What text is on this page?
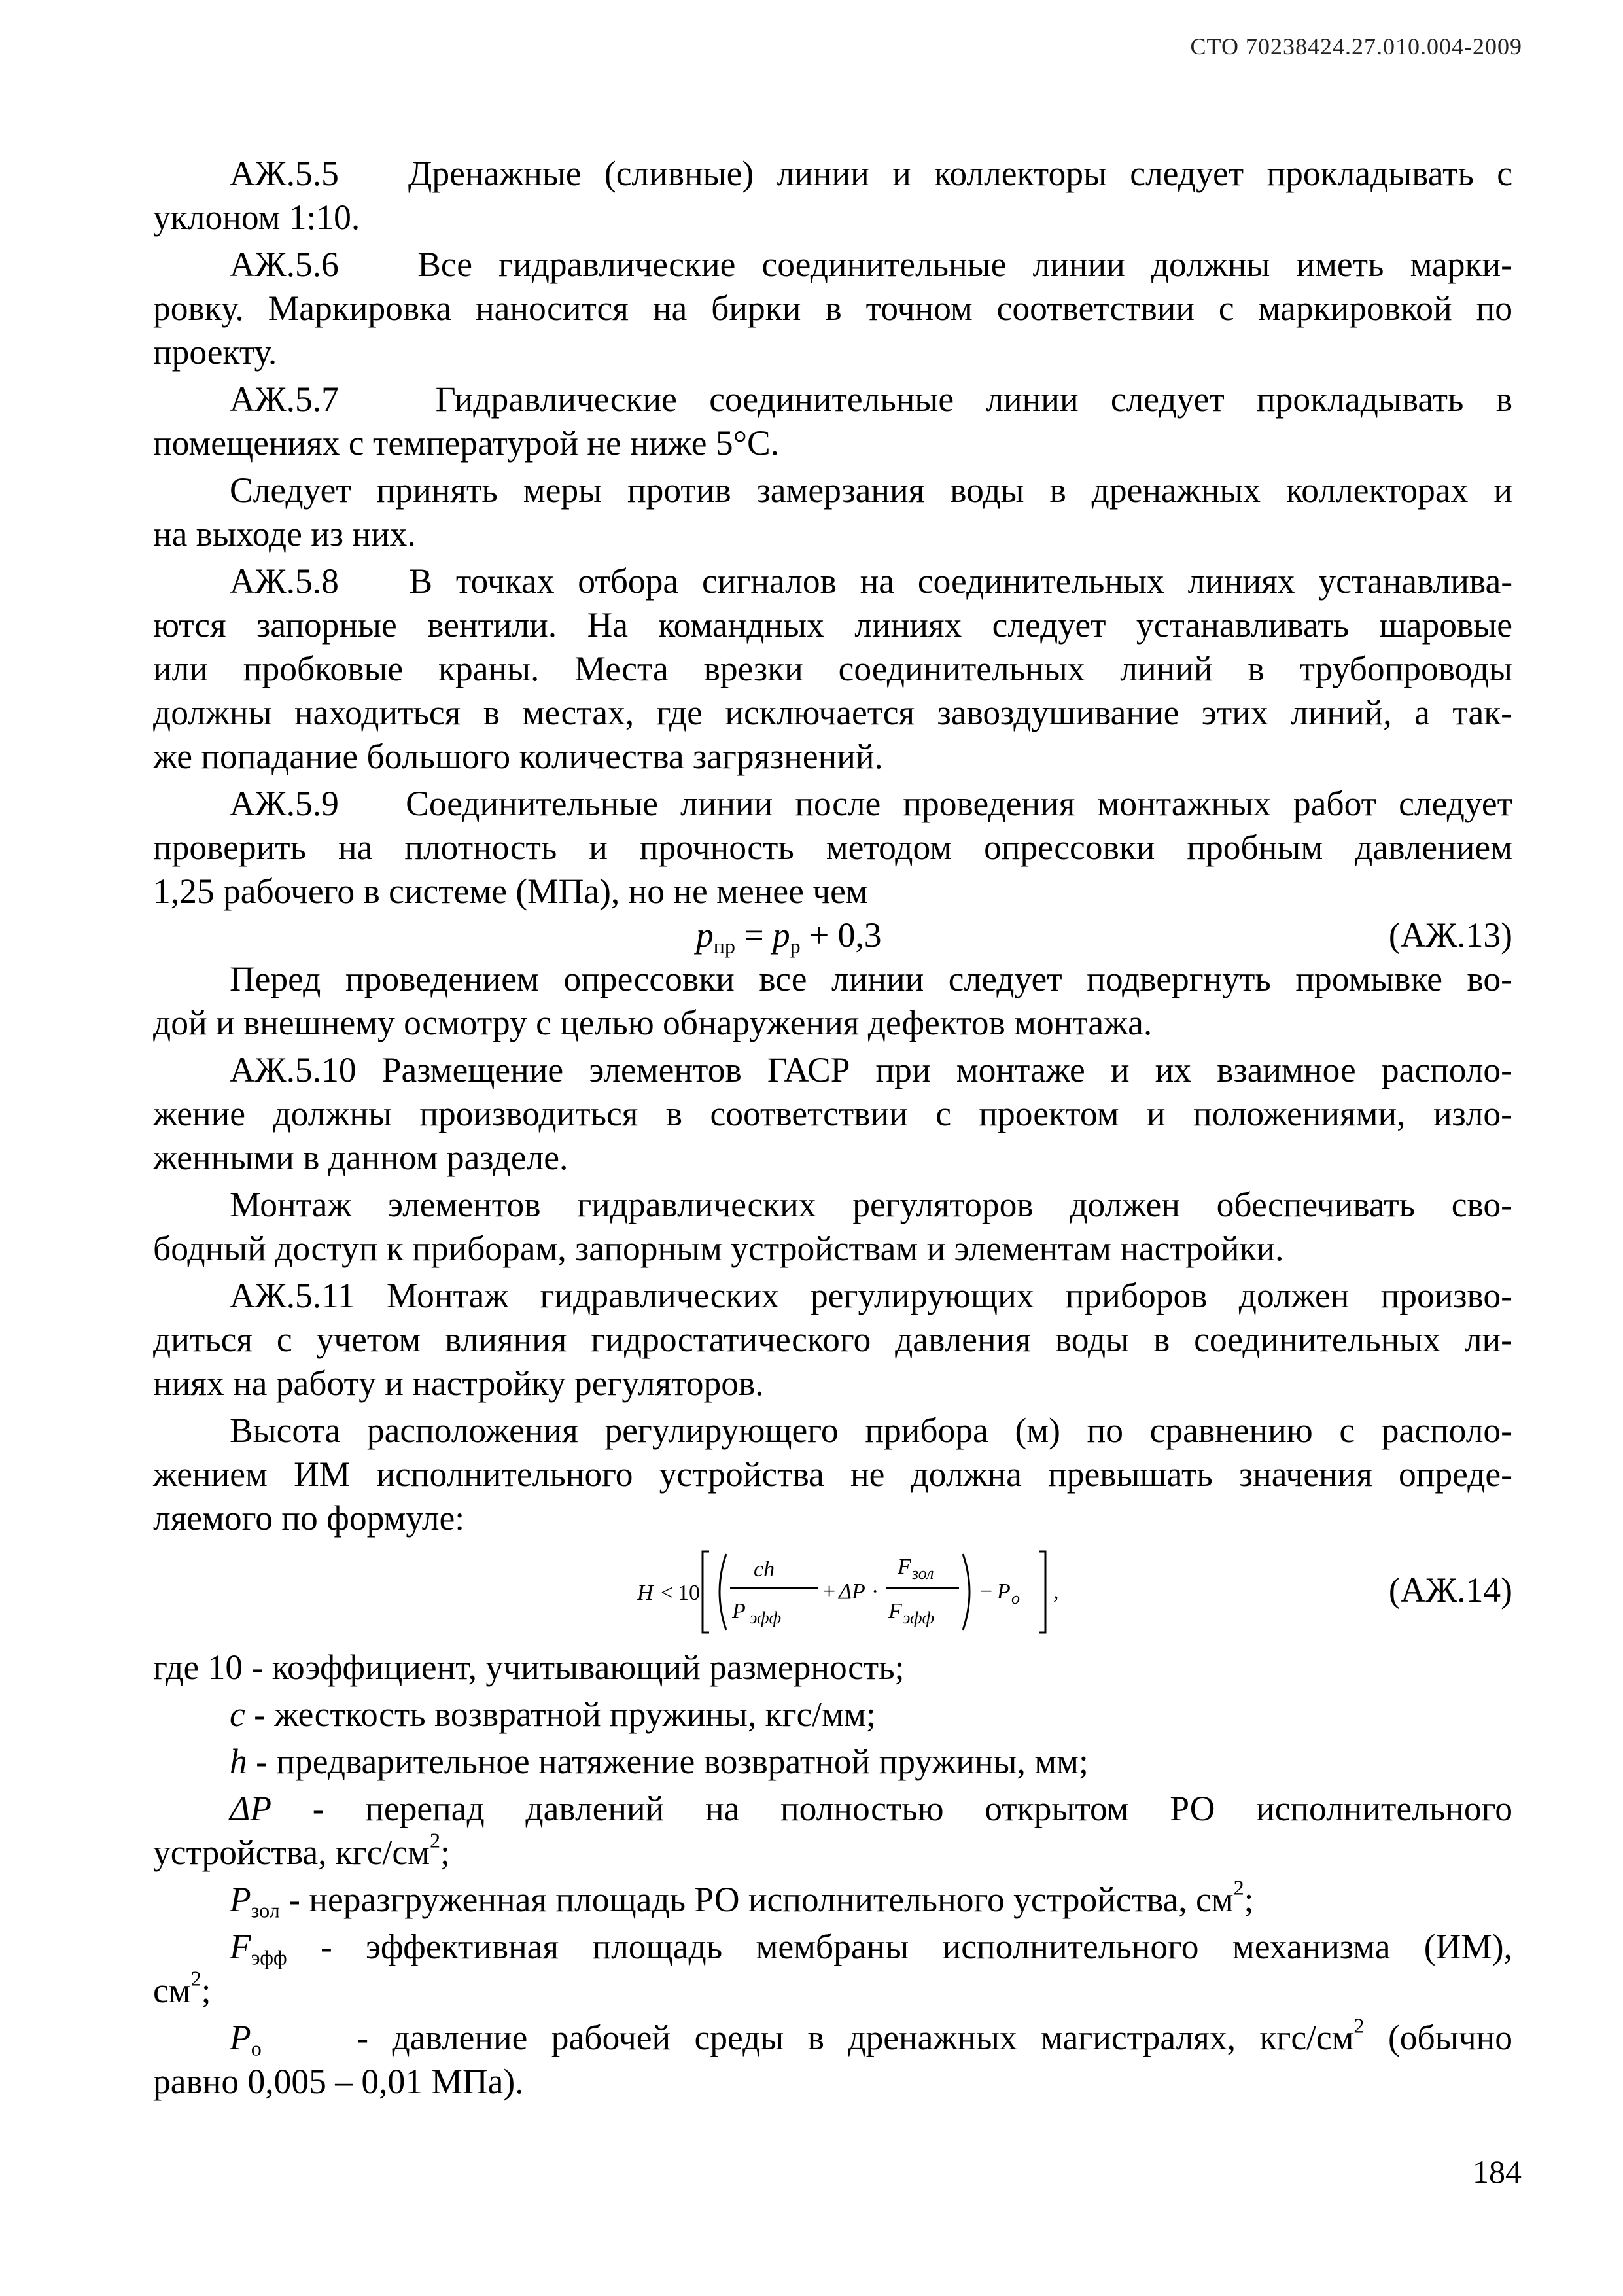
СТО 70238424.27.010.004-2009

АЖ.5.5 Дренажные (сливные) линии и коллекторы следует прокладывать с
уклоном 1:10.

АЖ.5.6 Все гидравлические соединительные линии должны иметь марки-
ровку. Маркировка наносится на бирки в точном соответствии с маркировкой по
проекту.

АЖ.5.7	Гидравлические соединительные линии следует прокладывать в
помещениях с температурой не ниже 5°С.

Следует принять меры против замерзания воды в дренажных коллекторах и
на выходе из них.

АЖ.5.8 В точках отбора сигналов на соединительных линиях устанавлива-
ются запорные вентили. На командных линиях следует устанавливать шаровые
или пробковые краны. Места врезки соединительных линий в трубопроводы
должны находиться в местах, где исключается завоздушивание этих линий, а так-
же попадание большого количества загрязнений.

АЖ.5.9 Соединительные линии после проведения монтажных работ следует
проверить на плотность и прочность методом опрессовки пробным давлением
1,25 рабочего в системе (МПа), но не менее чем

$p_{пр} = p_р + 0,3$	(АЖ.13)

Перед проведением опрессовки все линии следует подвергнуть промывке во-
дой и внешнему осмотру с целью обнаружения дефектов монтажа.

АЖ.5.10 Размещение элементов ГАСР при монтаже и их взаимное располо-
жение должны производиться в соответствии с проектом и положениями, изло-
женными в данном разделе.

Монтаж элементов гидравлических регуляторов должен обеспечивать сво-
бодный доступ к приборам, запорным устройствам и элементам настройки.

АЖ.5.11 Монтаж гидравлических регулирующих приборов должен произво-
диться с учетом влияния гидростатического давления воды в соединительных ли-
ниях на работу и настройку регуляторов.

Высота расположения регулирующего прибора (м) по сравнению с располо-
жением ИМ исполнительного устройства не должна превышать значения опреде-
ляемого по формуле:

H < 10
ch
P эфф
+ ΔP ·
F зол
F эфф
− P o ,	(АЖ.14)

где 10 - коэффициент, учитывающий размерность;

c - жесткость возвратной пружины, кгс/мм;

h - предварительное натяжение возвратной пружины, мм;

ΔP - перепад давлений на полностью открытом РО исполнительного
устройства, кгс/$см^2$;

$P_{зол}$ - неразгруженная площадь РО исполнительного устройства, $см^2$;

$F_{эфф}$ - эффективная площадь мембраны исполнительного механизма (ИМ),
$см^2$;

$P_о$	- давление рабочей среды в дренажных магистралях, кгс/$см^2$ (обычно
равно 0,005 – 0,01 МПа).

184
